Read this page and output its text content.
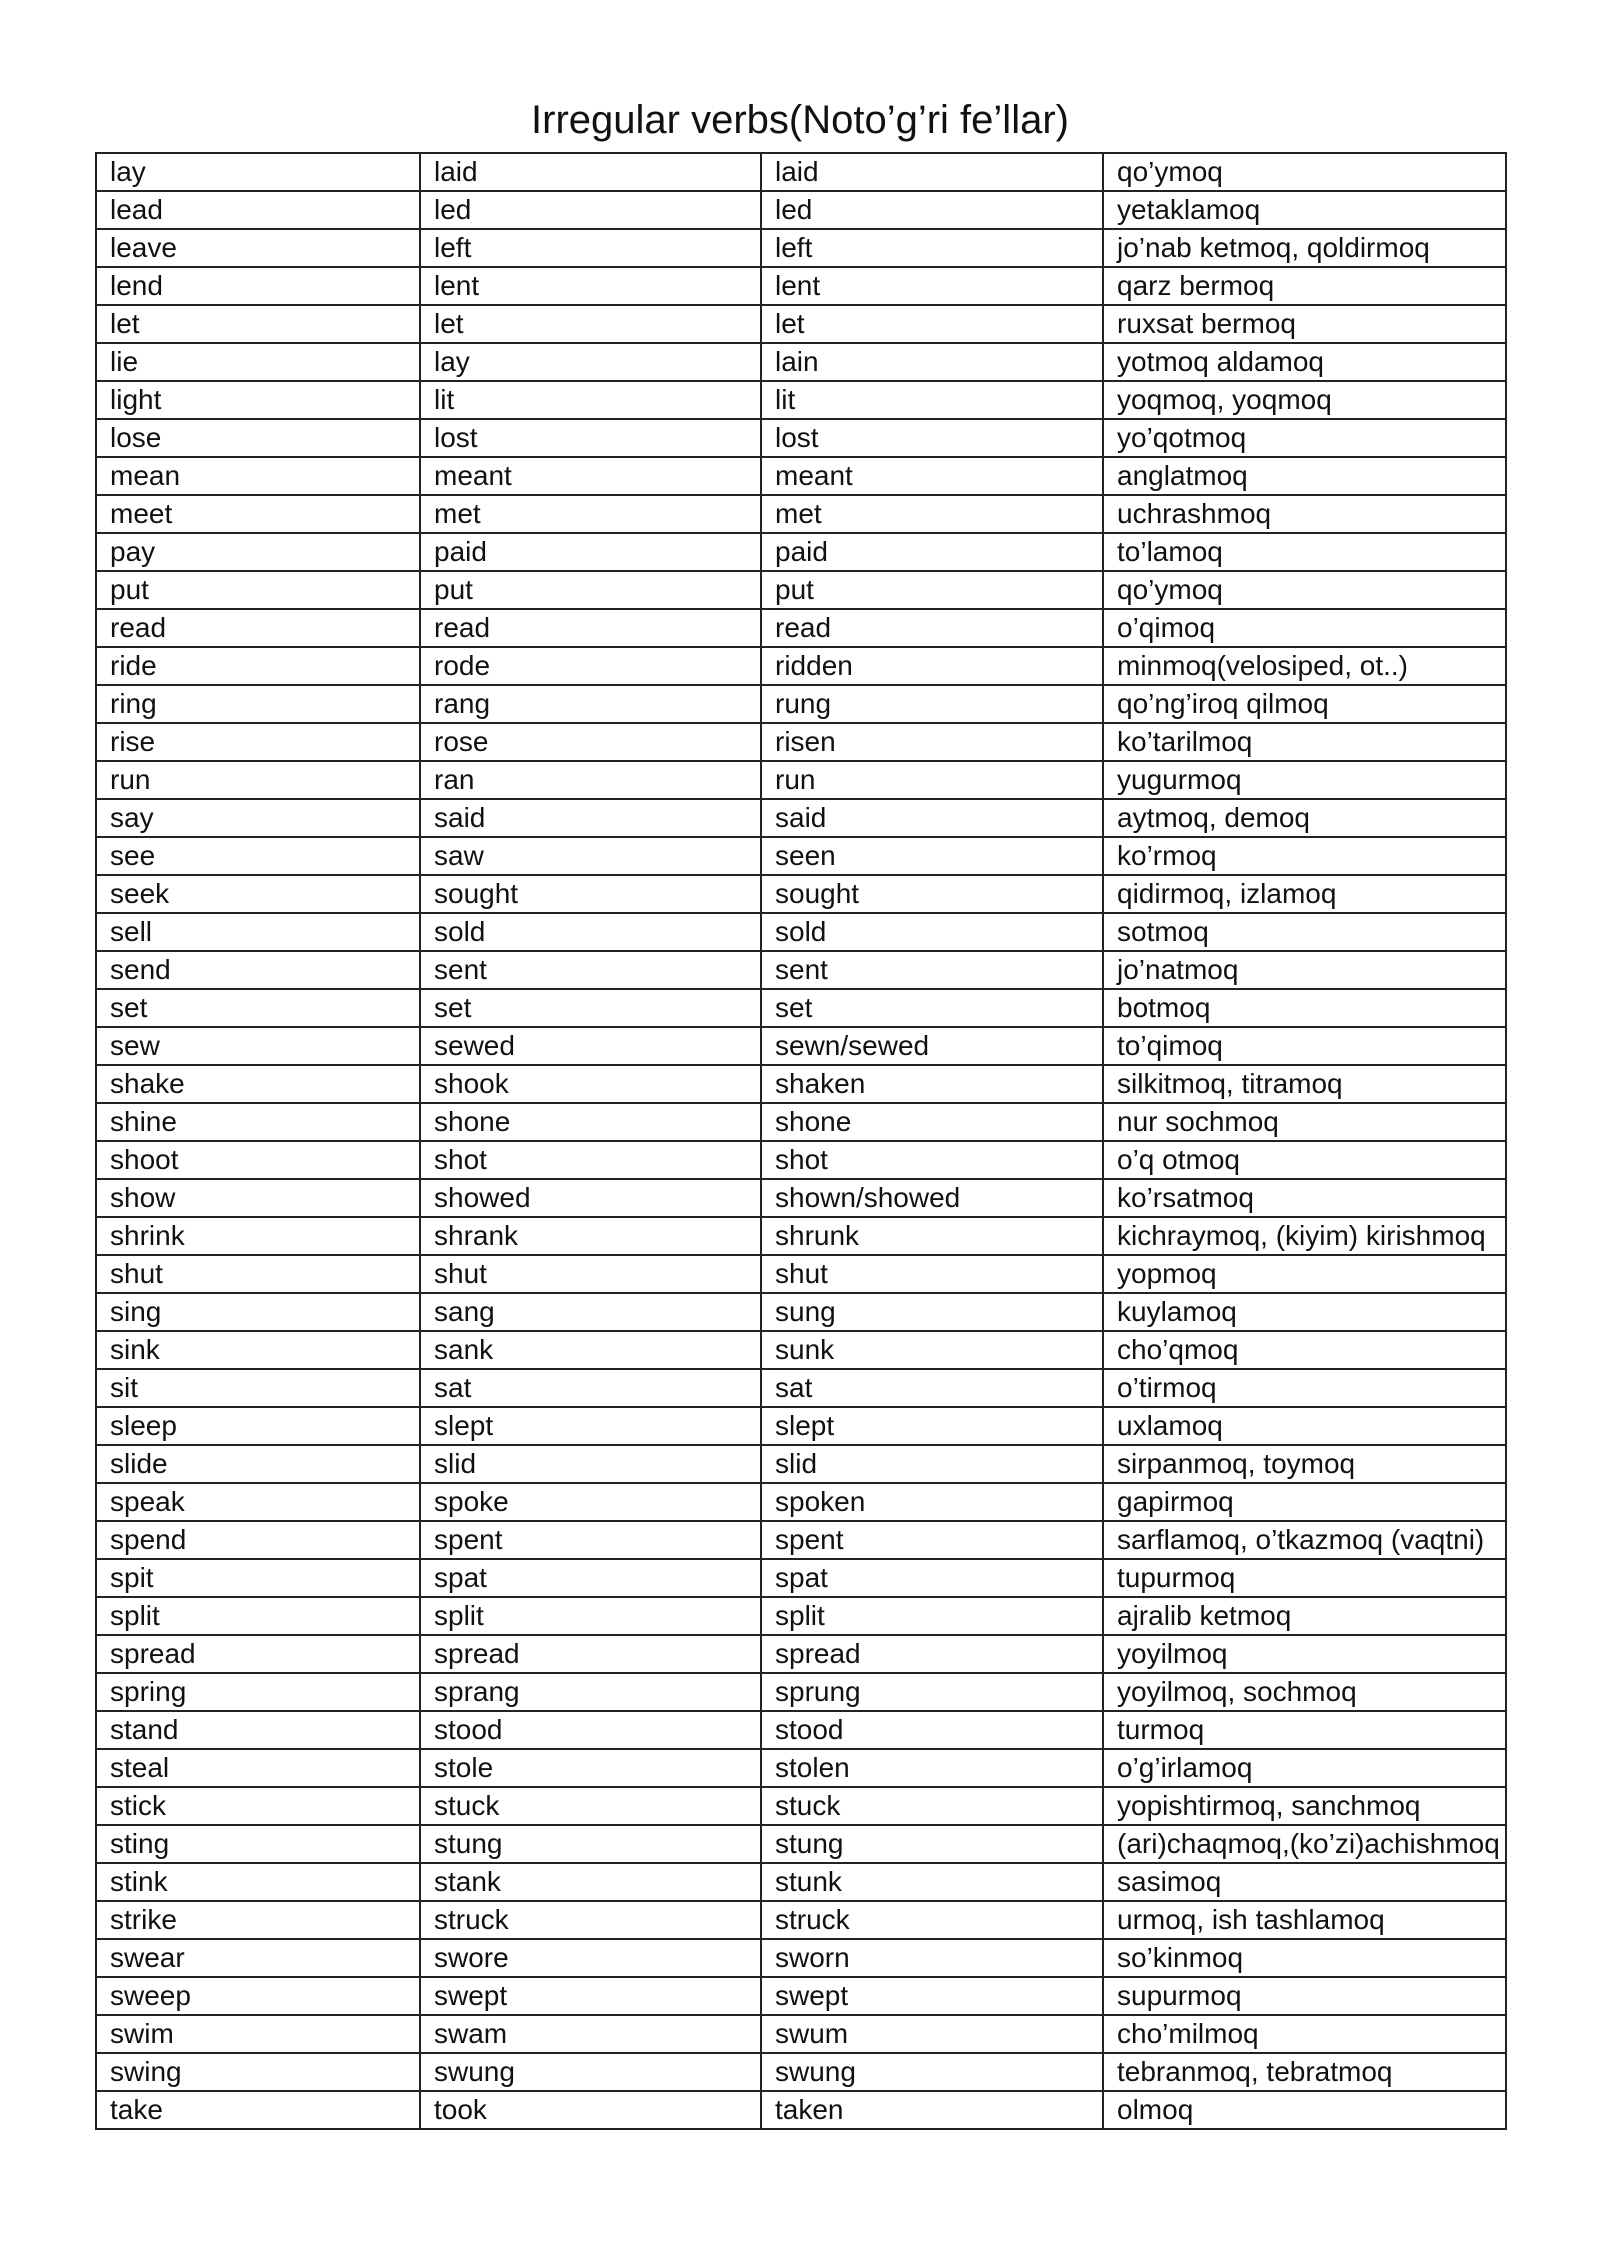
Irregular verbs(Noto’g’ri fe’llar)
lay	laid	laid	qo’ymoq
lead	led	led	yetaklamoq
leave	left	left	jo’nab ketmoq, qoldirmoq
lend	lent	lent	qarz bermoq
let	let	let	ruxsat bermoq
lie	lay	lain	yotmoq aldamoq
light	lit	lit	yoqmoq, yoqmoq
lose	lost	lost	yo’qotmoq
mean	meant	meant	anglatmoq
meet	met	met	uchrashmoq
pay	paid	paid	to’lamoq
put	put	put	qo’ymoq
read	read	read	o’qimoq
ride	rode	ridden	minmoq(velosiped, ot..)
ring	rang	rung	qo’ng’iroq qilmoq
rise	rose	risen	ko’tarilmoq
run	ran	run	yugurmoq
say	said	said	aytmoq, demoq
see	saw	seen	ko’rmoq
seek	sought	sought	qidirmoq, izlamoq
sell	sold	sold	sotmoq
send	sent	sent	jo’natmoq
set	set	set	botmoq
sew	sewed	sewn/sewed	to’qimoq
shake	shook	shaken	silkitmoq, titramoq
shine	shone	shone	nur sochmoq
shoot	shot	shot	o’q otmoq
show	showed	shown/showed	ko’rsatmoq
shrink	shrank	shrunk	kichraymoq, (kiyim) kirishmoq
shut	shut	shut	yopmoq
sing	sang	sung	kuylamoq
sink	sank	sunk	cho’qmoq
sit	sat	sat	o’tirmoq
sleep	slept	slept	uxlamoq
slide	slid	slid	sirpanmoq, toymoq
speak	spoke	spoken	gapirmoq
spend	spent	spent	sarflamoq, o’tkazmoq (vaqtni)
spit	spat	spat	tupurmoq
split	split	split	ajralib ketmoq
spread	spread	spread	yoyilmoq
spring	sprang	sprung	yoyilmoq, sochmoq
stand	stood	stood	turmoq
steal	stole	stolen	o’g’irlamoq
stick	stuck	stuck	yopishtirmoq, sanchmoq
sting	stung	stung	(ari)chaqmoq,(ko’zi)achishmoq
stink	stank	stunk	sasimoq
strike	struck	struck	urmoq, ish tashlamoq
swear	swore	sworn	so’kinmoq
sweep	swept	swept	supurmoq
swim	swam	swum	cho’milmoq
swing	swung	swung	tebranmoq, tebratmoq
take	took	taken	olmoq
